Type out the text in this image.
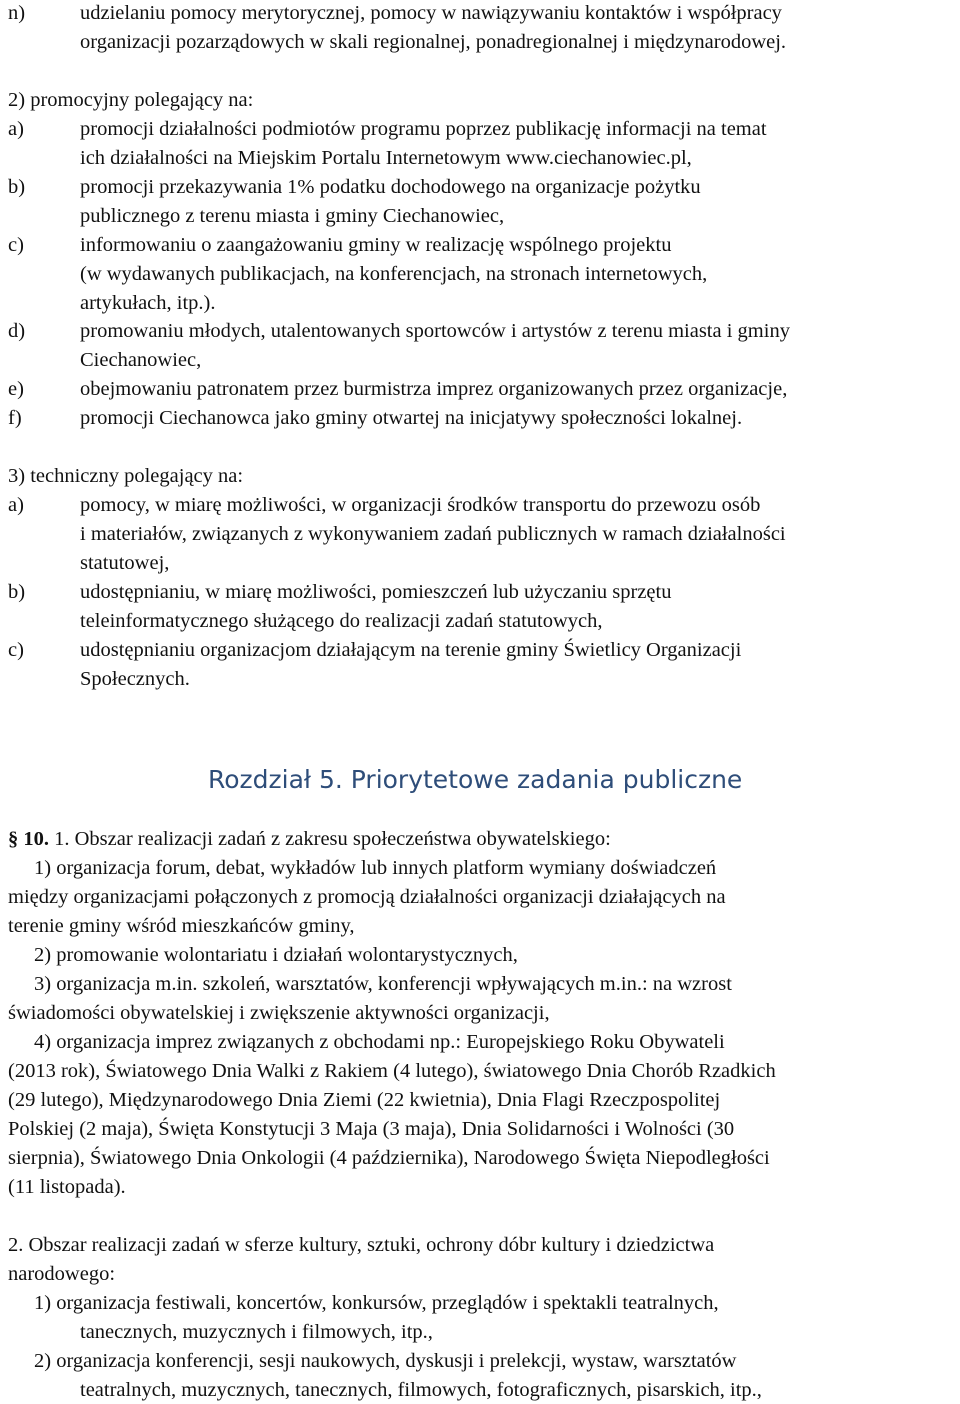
n)
a)
b)
c)
d)
e)
f)
a)
b)
c)
udzielaniu pomocy merytorycznej, pomocy w nawiązywaniu kontaktów i współpracy
organizacji pozarządowych w skali regionalnej, ponadregionalnej i międzynarodowej.
2) promocyjny polegający na:
promocji działalności podmiotów programu poprzez publikację informacji na temat
ich działalności na Miejskim Portalu Internetowym www.ciechanowiec.pl,
promocji przekazywania 1% podatku dochodowego na organizacje pożytku
publicznego z terenu miasta i gminy Ciechanowiec,
informowaniu o zaangażowaniu gminy w realizację wspólnego projektu
(w wydawanych publikacjach, na konferencjach, na stronach internetowych,
artykułach, itp.).
promowaniu młodych, utalentowanych sportowców i artystów z terenu miasta i gminy
Ciechanowiec,
obejmowaniu patronatem przez burmistrza imprez organizowanych przez organizacje,
promocji Ciechanowca jako gminy otwartej na inicjatywy społeczności lokalnej.
3) techniczny polegający na:
pomocy, w miarę możliwości, w organizacji środków transportu do przewozu osób
i materiałów, związanych z wykonywaniem zadań publicznych w ramach działalności
statutowej,
udostępnianiu, w miarę możliwości, pomieszczeń lub użyczaniu sprzętu
teleinformatycznego służącego do realizacji zadań statutowych,
udostępnianiu organizacjom działającym na terenie gminy Świetlicy Organizacji
Społecznych.
Rozdział 5. Priorytetowe zadania publiczne
§ 10. 1. Obszar realizacji zadań z zakresu społeczeństwa obywatelskiego:
1) organizacja forum, debat, wykładów lub innych platform wymiany doświadczeń
między organizacjami połączonych z promocją działalności organizacji działających na
terenie gminy wśród mieszkańców gminy,
2) promowanie wolontariatu i działań wolontarystycznych,
3) organizacja m.in. szkoleń, warsztatów, konferencji wpływających m.in.: na wzrost
świadomości obywatelskiej i zwiększenie aktywności organizacji,
4) organizacja imprez związanych z obchodami np.: Europejskiego Roku Obywateli
(2013 rok), Światowego Dnia Walki z Rakiem (4 lutego), światowego Dnia Chorób Rzadkich
(29 lutego), Międzynarodowego Dnia Ziemi (22 kwietnia), Dnia Flagi Rzeczpospolitej
Polskiej (2 maja), Święta Konstytucji 3 Maja (3 maja), Dnia Solidarności i Wolności (30
sierpnia), Światowego Dnia Onkologii (4 października), Narodowego Święta Niepodległości
(11 listopada).
2. Obszar realizacji zadań w sferze kultury, sztuki, ochrony dóbr kultury i dziedzictwa
narodowego:
1) organizacja festiwali, koncertów, konkursów, przeglądów i spektakli teatralnych,
tanecznych, muzycznych i filmowych, itp.,
2) organizacja konferencji, sesji naukowych, dyskusji i prelekcji, wystaw, warsztatów
teatralnych, muzycznych, tanecznych, filmowych, fotograficznych, pisarskich, itp.,
